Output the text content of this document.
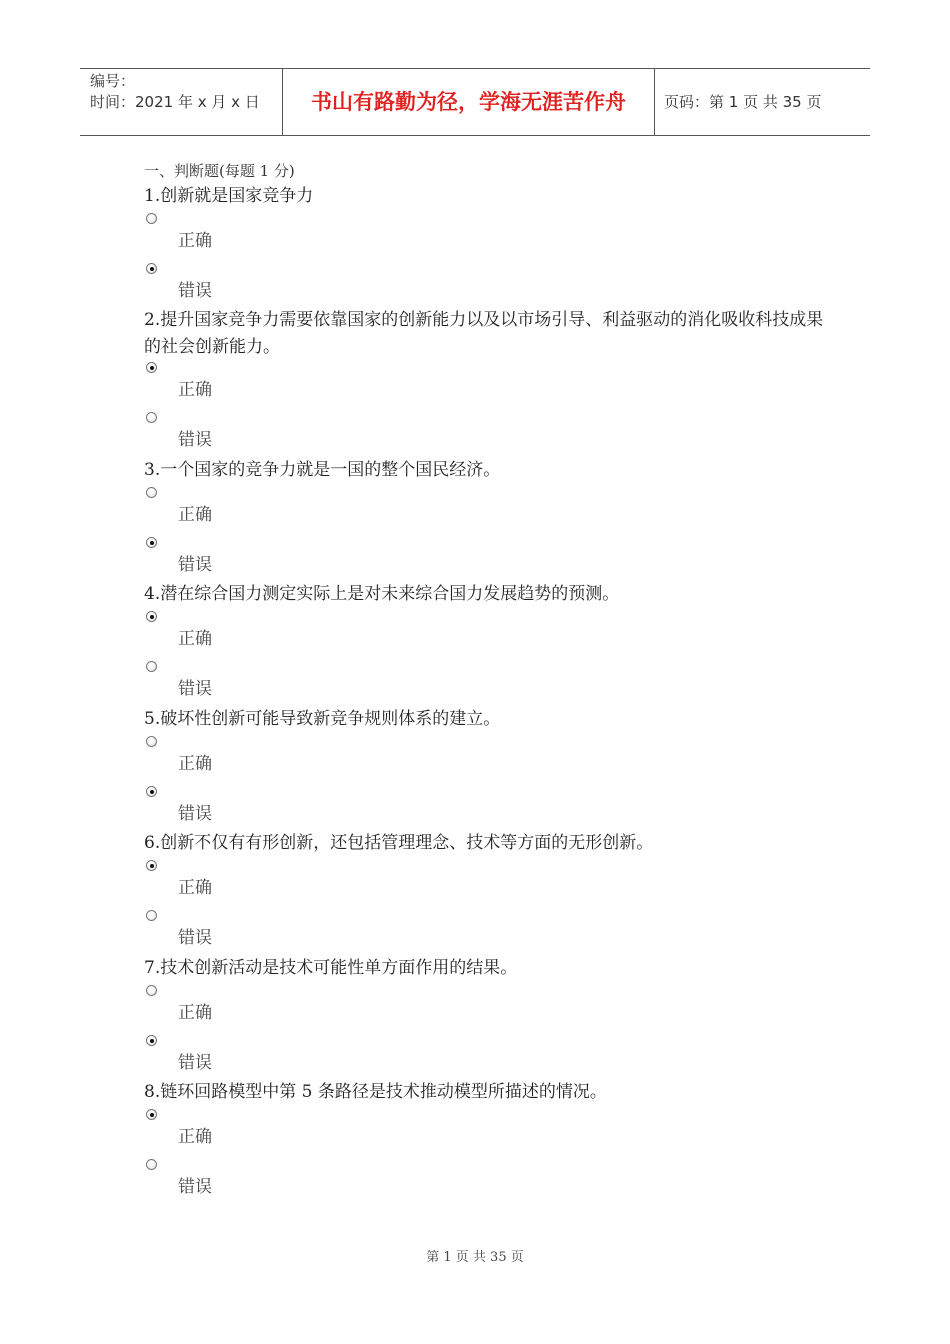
编号：
时间：2021 年 x 月 x 日	书山有路勤为径，学海无涯苦作舟	页码：第 1 页 共 35 页
一、判断题(每题 1 分)
1.创新就是国家竞争力
正确
错误
2.提升国家竞争力需要依靠国家的创新能力以及以市场引导、利益驱动的消化吸收科技成果的社会创新能力。
正确
错误
3.一个国家的竞争力就是一国的整个国民经济。
正确
错误
4.潜在综合国力测定实际上是对未来综合国力发展趋势的预测。
正确
错误
5.破坏性创新可能导致新竞争规则体系的建立。
正确
错误
6.创新不仅有有形创新，还包括管理理念、技术等方面的无形创新。
正确
错误
7.技术创新活动是技术可能性单方面作用的结果。
正确
错误
8.链环回路模型中第 5 条路径是技术推动模型所描述的情况。
正确
错误
第 1 页 共 35 页
